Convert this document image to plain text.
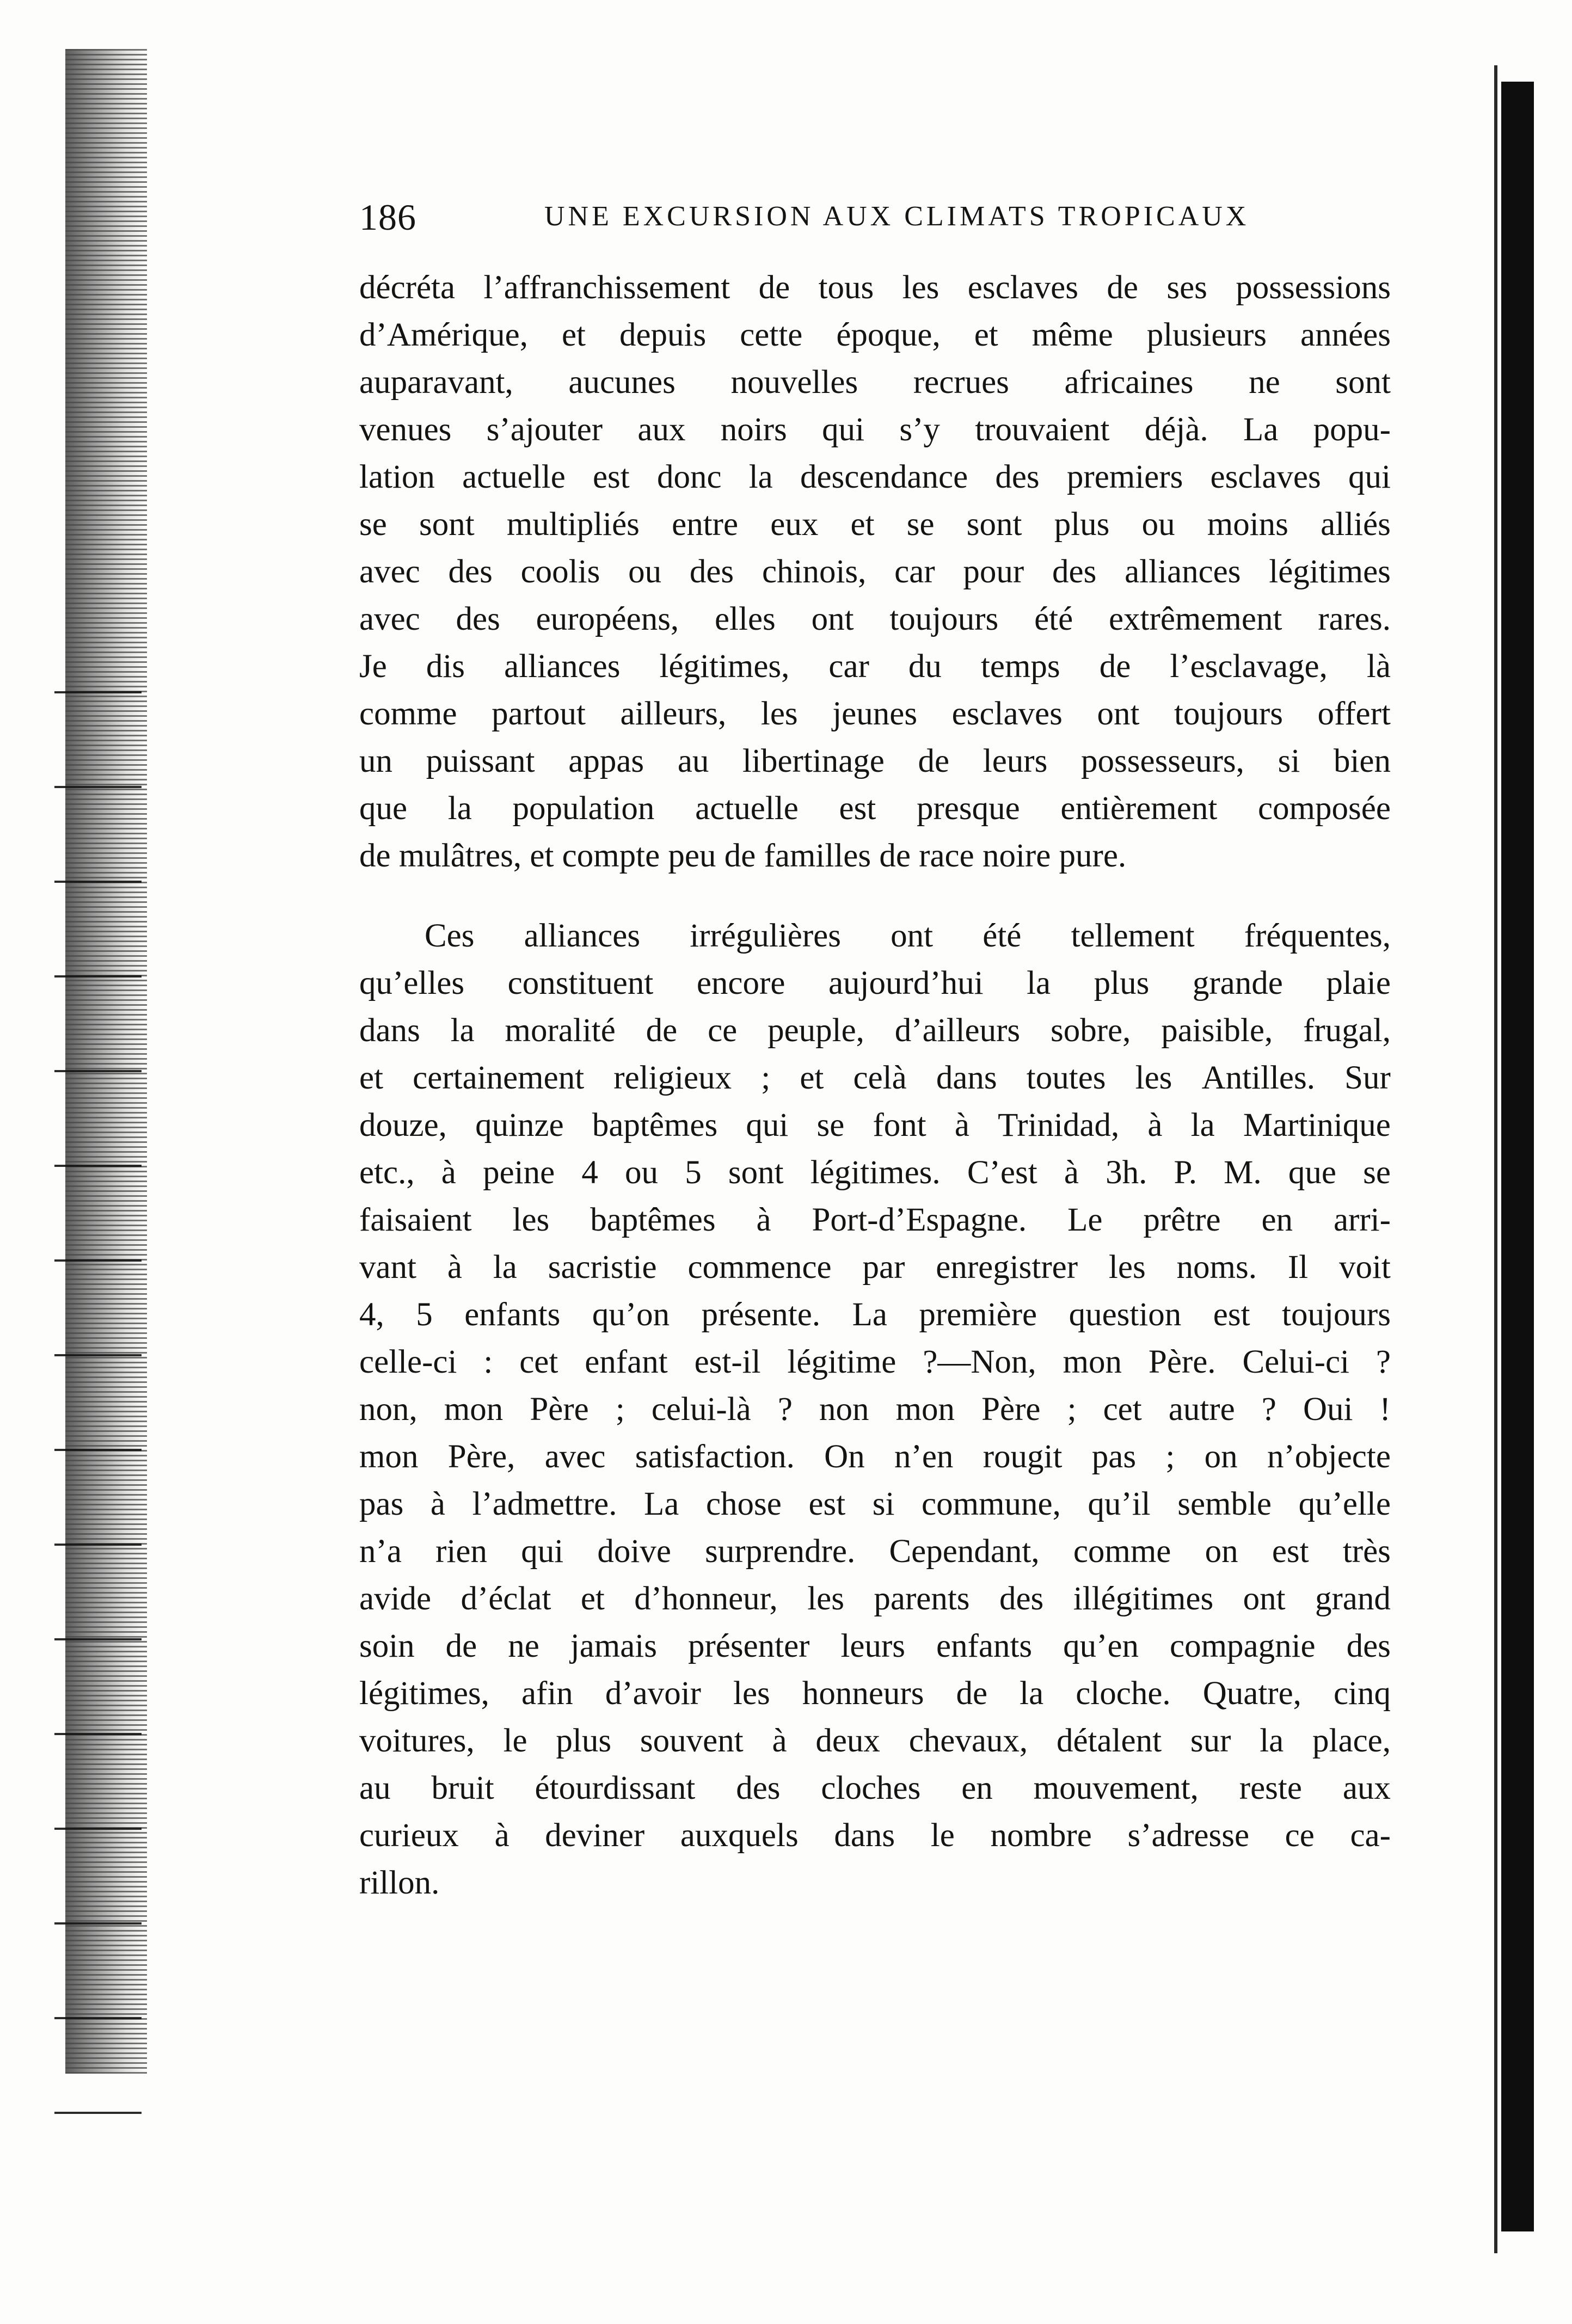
186	UNE EXCURSION AUX CLIMATS TROPICAUX
décréta l’affranchissement de tous les esclaves de ses possessions
d’Amérique, et depuis cette époque, et même plusieurs années
auparavant, aucunes nouvelles recrues africaines ne sont
venues s’ajouter aux noirs qui s’y trouvaient déjà. La popu-
lation actuelle est donc la descendance des premiers esclaves qui
se sont multipliés entre eux et se sont plus ou moins alliés
avec des coolis ou des chinois, car pour des alliances légitimes
avec des européens, elles ont toujours été extrêmement rares.
Je dis alliances légitimes, car du temps de l’esclavage, là
comme partout ailleurs, les jeunes esclaves ont toujours offert
un puissant appas au libertinage de leurs possesseurs, si bien
que la population actuelle est presque entièrement composée
de mulâtres, et compte peu de familles de race noire pure.
Ces alliances irrégulières ont été tellement fréquentes,
qu’elles constituent encore aujourd’hui la plus grande plaie
dans la moralité de ce peuple, d’ailleurs sobre, paisible, frugal,
et certainement religieux ; et celà dans toutes les Antilles. Sur
douze, quinze baptêmes qui se font à Trinidad, à la Martinique
etc., à peine 4 ou 5 sont légitimes. C’est à 3h. P. M. que se
faisaient les baptêmes à Port-d’Espagne. Le prêtre en arri-
vant à la sacristie commence par enregistrer les noms. Il voit
4, 5 enfants qu’on présente. La première question est toujours
celle-ci : cet enfant est-il légitime ?—Non, mon Père. Celui-ci ?
non, mon Père ; celui-là ? non mon Père ; cet autre ? Oui !
mon Père, avec satisfaction. On n’en rougit pas ; on n’objecte
pas à l’admettre. La chose est si commune, qu’il semble qu’elle
n’a rien qui doive surprendre. Cependant, comme on est très
avide d’éclat et d’honneur, les parents des illégitimes ont grand
soin de ne jamais présenter leurs enfants qu’en compagnie des
légitimes, afin d’avoir les honneurs de la cloche. Quatre, cinq
voitures, le plus souvent à deux chevaux, détalent sur la place,
au bruit étourdissant des cloches en mouvement, reste aux
curieux à deviner auxquels dans le nombre s’adresse ce ca-
rillon.
